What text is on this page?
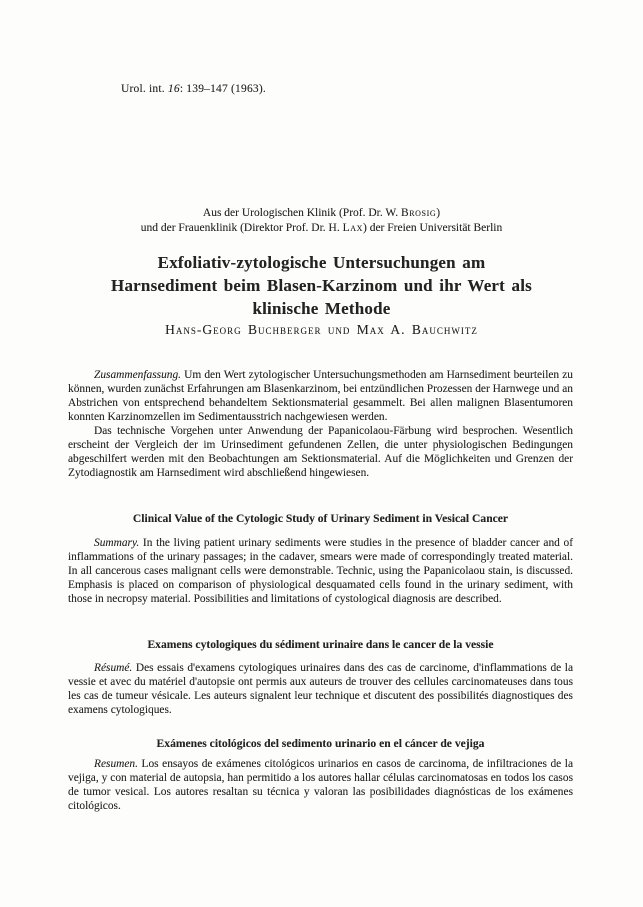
Urol. int. 16: 139–147 (1963).
Aus der Urologischen Klinik (Prof. Dr. W. Brosig)
und der Frauenklinik (Direktor Prof. Dr. H. Lax) der Freien Universität Berlin
Exfoliativ-zytologische Untersuchungen am
Harnsediment beim Blasen-Karzinom und ihr Wert als
klinische Methode
Hans-Georg Buchberger und Max A. Bauchwitz

Zusammenfassung. Um den Wert zytologischer Untersuchungsmethoden am Harnsediment beurteilen zu können, wurden zunächst Erfahrungen am Blasenkarzinom, bei entzündlichen Prozessen der Harnwege und an Abstrichen von entsprechend behandeltem Sektionsmaterial gesammelt. Bei allen malignen Blasentumoren konnten Karzinomzellen im Sedimentausstrich nachgewiesen werden.

Das technische Vorgehen unter Anwendung der Papanicolaou-Färbung wird besprochen. Wesentlich erscheint der Vergleich der im Urinsediment gefundenen Zellen, die unter physiologischen Bedingungen abgeschilfert werden mit den Beobachtungen am Sektionsmaterial. Auf die Möglichkeiten und Grenzen der Zytodiagnostik am Harnsediment wird abschließend hingewiesen.

Clinical Value of the Cytologic Study of Urinary Sediment in Vesical Cancer

Summary. In the living patient urinary sediments were studies in the presence of bladder cancer and of inflammations of the urinary passages; in the cadaver, smears were made of correspondingly treated material. In all cancerous cases malignant cells were demonstrable. Technic, using the Papanicolaou stain, is discussed. Emphasis is placed on comparison of physiological desquamated cells found in the urinary sediment, with those in necropsy material. Possibilities and limitations of cystological diagnosis are described.

Examens cytologiques du sédiment urinaire dans le cancer de la vessie

Résumé. Des essais d'examens cytologiques urinaires dans des cas de carcinome, d'inflammations de la vessie et avec du matériel d'autopsie ont permis aux auteurs de trouver des cellules carcinomateuses dans tous les cas de tumeur vésicale. Les auteurs signalent leur technique et discutent des possibilités diagnostiques des examens cytologiques.

Exámenes citológicos del sedimento urinario en el cáncer de vejiga

Resumen. Los ensayos de exámenes citológicos urinarios en casos de carcinoma, de infiltraciones de la vejiga, y con material de autopsia, han permitido a los autores hallar células carcinomatosas en todos los casos de tumor vesical. Los autores resaltan su técnica y valoran las posibilidades diagnósticas de los exámenes citológicos.
